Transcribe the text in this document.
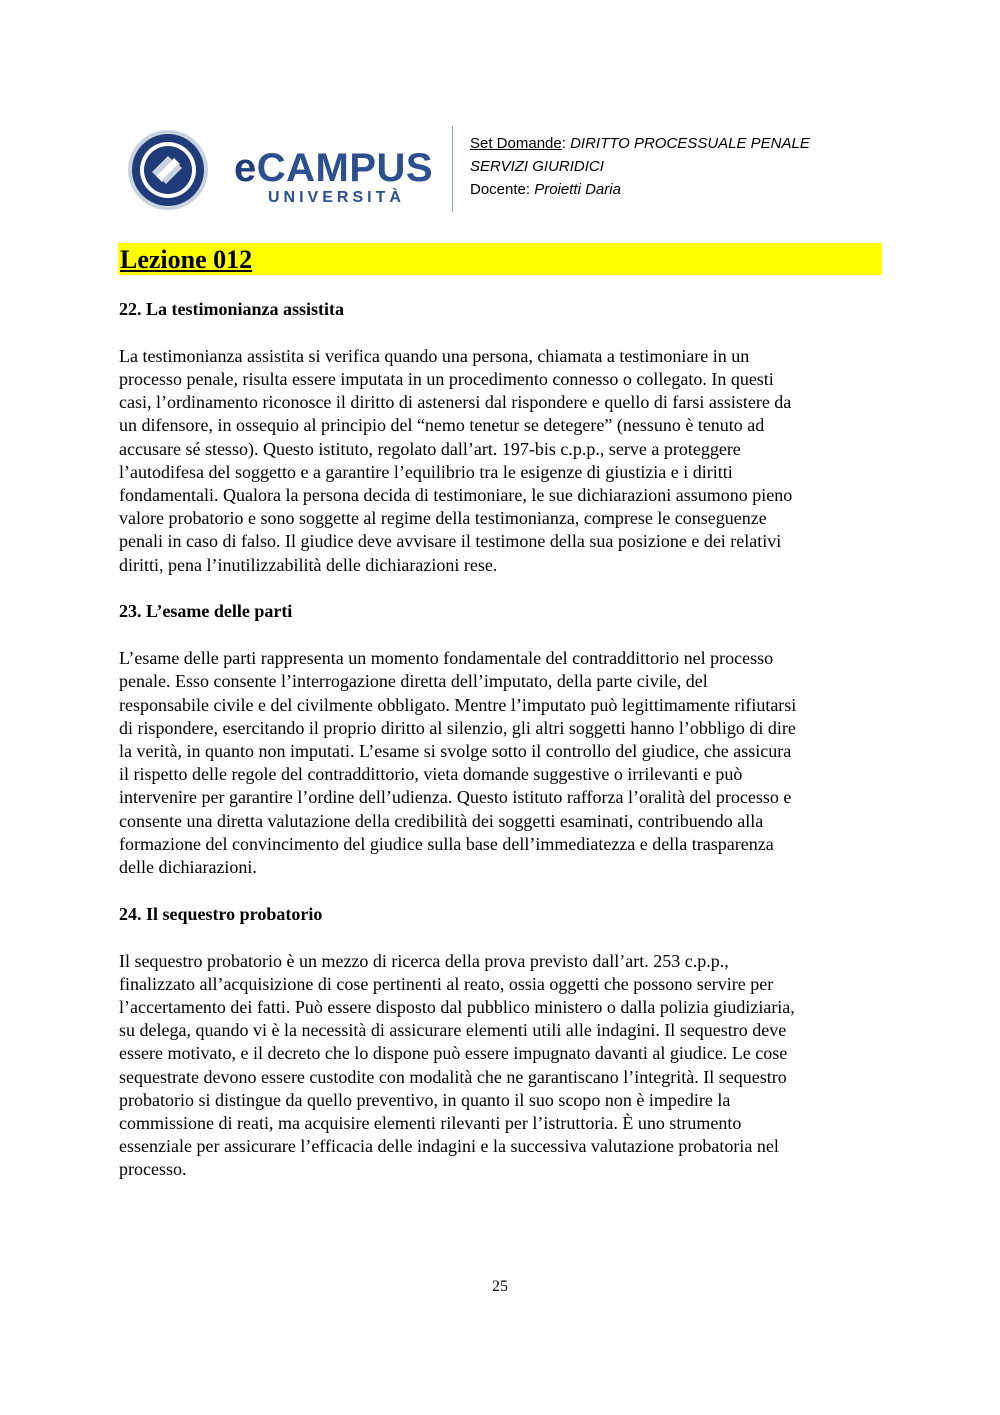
eCAMPUS
UNIVERSITÀ
Set Domande: DIRITTO PROCESSUALE PENALE
SERVIZI GIURIDICI
Docente: Proietti Daria
Lezione 012
22. La testimonianza assistita

La testimonianza assistita si verifica quando una persona, chiamata a testimoniare in un
processo penale, risulta essere imputata in un procedimento connesso o collegato. In questi
casi, l’ordinamento riconosce il diritto di astenersi dal rispondere e quello di farsi assistere da
un difensore, in ossequio al principio del “nemo tenetur se detegere” (nessuno è tenuto ad
accusare sé stesso). Questo istituto, regolato dall’art. 197-bis c.p.p., serve a proteggere
l’autodifesa del soggetto e a garantire l’equilibrio tra le esigenze di giustizia e i diritti
fondamentali. Qualora la persona decida di testimoniare, le sue dichiarazioni assumono pieno
valore probatorio e sono soggette al regime della testimonianza, comprese le conseguenze
penali in caso di falso. Il giudice deve avvisare il testimone della sua posizione e dei relativi
diritti, pena l’inutilizzabilità delle dichiarazioni rese.

23. L’esame delle parti

L’esame delle parti rappresenta un momento fondamentale del contraddittorio nel processo
penale. Esso consente l’interrogazione diretta dell’imputato, della parte civile, del
responsabile civile e del civilmente obbligato. Mentre l’imputato può legittimamente rifiutarsi
di rispondere, esercitando il proprio diritto al silenzio, gli altri soggetti hanno l’obbligo di dire
la verità, in quanto non imputati. L’esame si svolge sotto il controllo del giudice, che assicura
il rispetto delle regole del contraddittorio, vieta domande suggestive o irrilevanti e può
intervenire per garantire l’ordine dell’udienza. Questo istituto rafforza l’oralità del processo e
consente una diretta valutazione della credibilità dei soggetti esaminati, contribuendo alla
formazione del convincimento del giudice sulla base dell’immediatezza e della trasparenza
delle dichiarazioni.

24. Il sequestro probatorio

Il sequestro probatorio è un mezzo di ricerca della prova previsto dall’art. 253 c.p.p.,
finalizzato all’acquisizione di cose pertinenti al reato, ossia oggetti che possono servire per
l’accertamento dei fatti. Può essere disposto dal pubblico ministero o dalla polizia giudiziaria,
su delega, quando vi è la necessità di assicurare elementi utili alle indagini. Il sequestro deve
essere motivato, e il decreto che lo dispone può essere impugnato davanti al giudice. Le cose
sequestrate devono essere custodite con modalità che ne garantiscano l’integrità. Il sequestro
probatorio si distingue da quello preventivo, in quanto il suo scopo non è impedire la
commissione di reati, ma acquisire elementi rilevanti per l’istruttoria. È uno strumento
essenziale per assicurare l’efficacia delle indagini e la successiva valutazione probatoria nel
processo.

25
